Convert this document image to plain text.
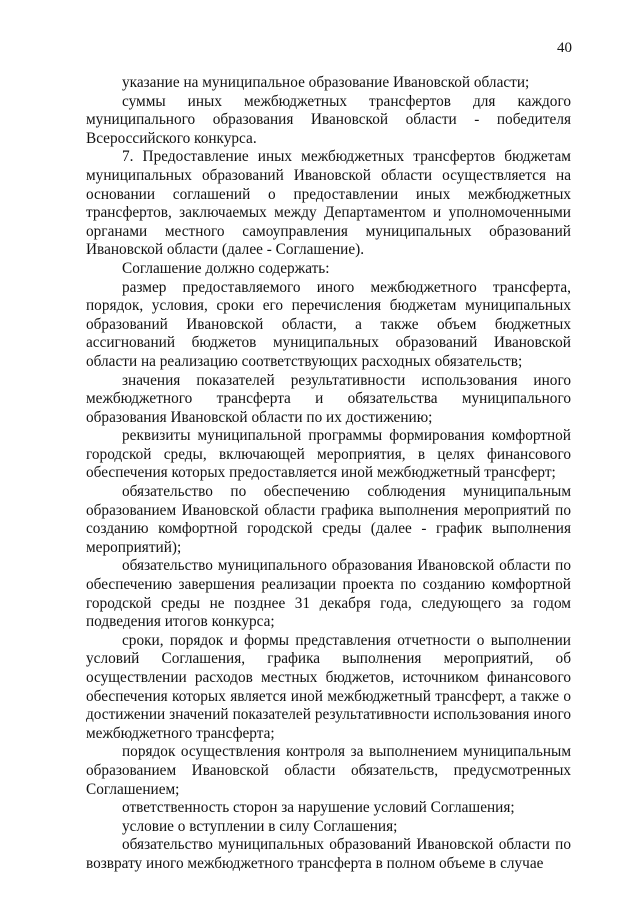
40

указание на муниципальное образование Ивановской области;

суммы иных межбюджетных трансфертов для каждого муниципального образования Ивановской области - победителя Всероссийского конкурса.

7. Предоставление иных межбюджетных трансфертов бюджетам муниципальных образований Ивановской области осуществляется на основании соглашений о предоставлении иных межбюджетных трансфертов, заключаемых между Департаментом и уполномоченными органами местного самоуправления муниципальных образований Ивановской области (далее - Соглашение).

Соглашение должно содержать:

размер предоставляемого иного межбюджетного трансферта, порядок, условия, сроки его перечисления бюджетам муниципальных образований Ивановской области, а также объем бюджетных ассигнований бюджетов муниципальных образований Ивановской области на реализацию соответствующих расходных обязательств;

значения показателей результативности использования иного межбюджетного трансферта и обязательства муниципального образования Ивановской области по их достижению;

реквизиты муниципальной программы формирования комфортной городской среды, включающей мероприятия, в целях финансового обеспечения которых предоставляется иной межбюджетный трансферт;

обязательство по обеспечению соблюдения муниципальным образованием Ивановской области графика выполнения мероприятий по созданию комфортной городской среды (далее - график выполнения мероприятий);

обязательство муниципального образования Ивановской области по обеспечению завершения реализации проекта по созданию комфортной городской среды не позднее 31 декабря года, следующего за годом подведения итогов конкурса;

сроки, порядок и формы представления отчетности о выполнении условий Соглашения, графика выполнения мероприятий, об осуществлении расходов местных бюджетов, источником финансового обеспечения которых является иной межбюджетный трансферт, а также о достижении значений показателей результативности использования иного межбюджетного трансферта;

порядок осуществления контроля за выполнением муниципальным образованием Ивановской области обязательств, предусмотренных Соглашением;

ответственность сторон за нарушение условий Соглашения;

условие о вступлении в силу Соглашения;

обязательство муниципальных образований Ивановской области по возврату иного межбюджетного трансферта в полном объеме в случае
